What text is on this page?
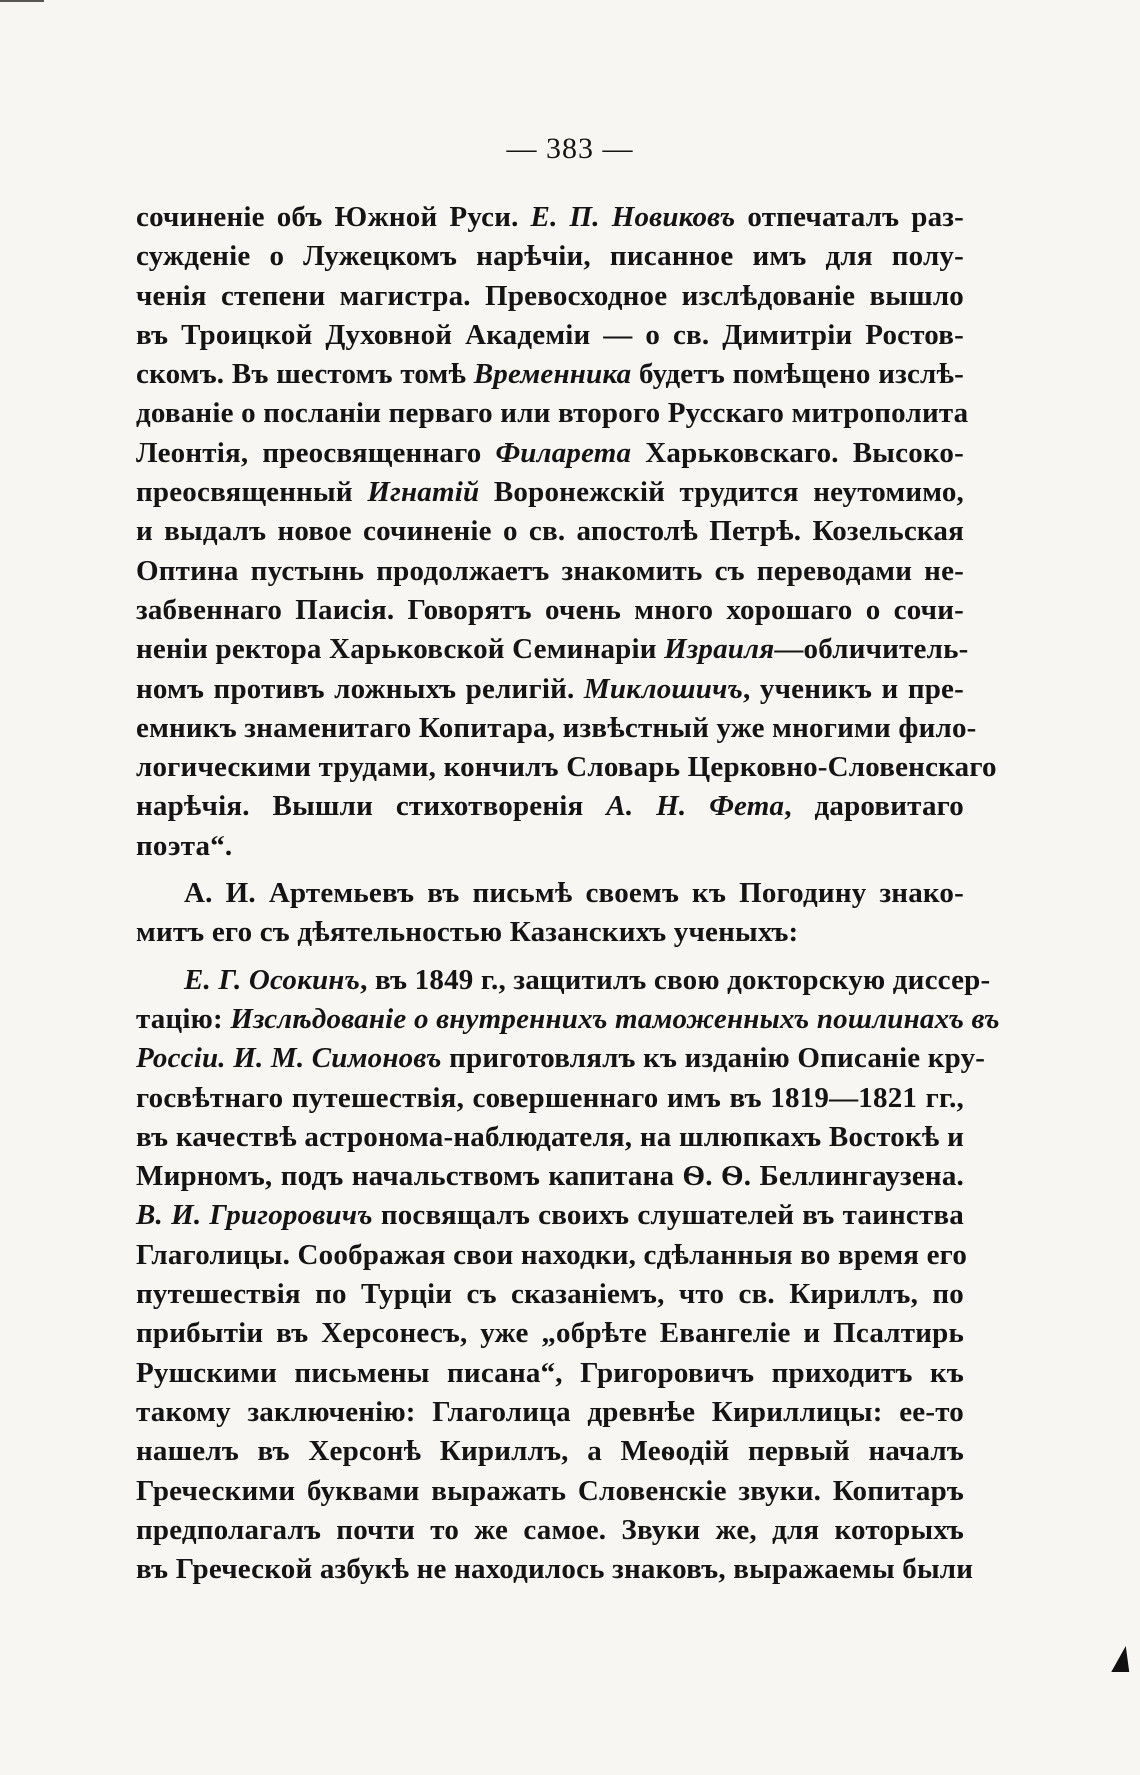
— 383 —
сочиненіе объ Южной Руси. Е. П. Новиковъ отпечаталъ раз-
сужденіе о Лужецкомъ нарѣчіи, писанное имъ для полу-
ченія степени магистра. Превосходное изслѣдованіе вышло
въ Троицкой Духовной Академіи — о св. Димитріи Ростов-
скомъ. Въ шестомъ томѣ Временника будетъ помѣщено изслѣ-
дованіе о посланіи перваго или второго Русскаго митрополита
Леонтія, преосвященнаго Филарета Харьковскаго. Высоко-
преосвященный Игнатій Воронежскій трудится неутомимо,
и выдалъ новое сочиненіе о св. апостолѣ Петрѣ. Козельская
Оптина пустынь продолжаетъ знакомить съ переводами не-
забвеннаго Паисія. Говорятъ очень много хорошаго о сочи-
неніи ректора Харьковской Семинаріи Израиля—обличитель-
номъ противъ ложныхъ религій. Миклошичъ, ученикъ и пре-
емникъ знаменитаго Копитара, извѣстный уже многими фило-
логическими трудами, кончилъ Словарь Церковно-Словенскаго
нарѣчія. Вышли стихотворенія А. Н. Фета, даровитаго
поэта“.
А. И. Артемьевъ въ письмѣ своемъ къ Погодину знако-
митъ его съ дѣятельностью Казанскихъ ученыхъ:
Е. Г. Осокинъ, въ 1849 г., защитилъ свою докторскую диссер-
тацію: Изслѣдованіе о внутреннихъ таможенныхъ пошлинахъ въ
Россіи. И. М. Симоновъ приготовлялъ къ изданію Описаніе кру-
госвѣтнаго путешествія, совершеннаго имъ въ 1819—1821 гг.,
въ качествѣ астронома-наблюдателя, на шлюпкахъ Востокѣ и
Мирномъ, подъ начальствомъ капитана Ѳ. Ѳ. Беллингаузена.
В. И. Григоровичъ посвящалъ своихъ слушателей въ таинства
Глаголицы. Соображая свои находки, сдѣланныя во время его
путешествія по Турціи съ сказаніемъ, что св. Кириллъ, по
прибытіи въ Херсонесъ, уже „обрѣте Евангеліе и Псалтирь
Рушскими письмены писана“, Григоровичъ приходитъ къ
такому заключенію: Глаголица древнѣе Кириллицы: ее-то
нашелъ въ Херсонѣ Кириллъ, а Меѳодій первый началъ
Греческими буквами выражать Словенскіе звуки. Копитаръ
предполагалъ почти то же самое. Звуки же, для которыхъ
въ Греческой азбукѣ не находилось знаковъ, выражаемы были
